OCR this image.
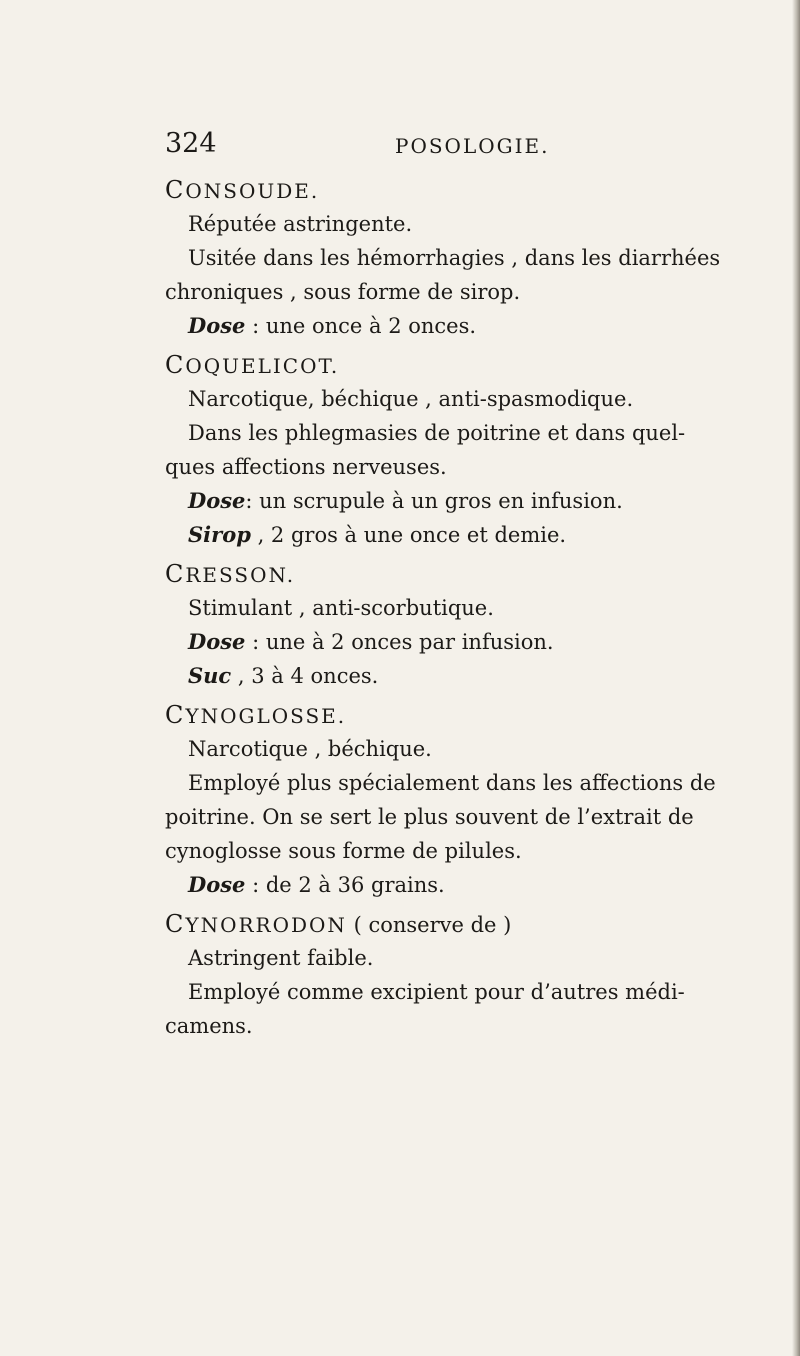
324	POSOLOGIE.
CONSOUDE.
Réputée astringente.
Usitée dans les hémorrhagies , dans les diarrhées
chroniques , sous forme de sirop.
Dose : une once à 2 onces.
COQUELICOT.
Narcotique, béchique , anti-spasmodique.
Dans les phlegmasies de poitrine et dans quel-
ques affections nerveuses.
Dose: un scrupule à un gros en infusion.
Sirop , 2 gros à une once et demie.
CRESSON.
Stimulant , anti-scorbutique.
Dose : une à 2 onces par infusion.
Suc , 3 à 4 onces.
CYNOGLOSSE.
Narcotique , béchique.
Employé plus spécialement dans les affections de
poitrine. On se sert le plus souvent de l’extrait de
cynoglosse sous forme de pilules.
Dose : de 2 à 36 grains.
CYNORRODON ( conserve de )
Astringent faible.
Employé comme excipient pour d’autres médi-
camens.
